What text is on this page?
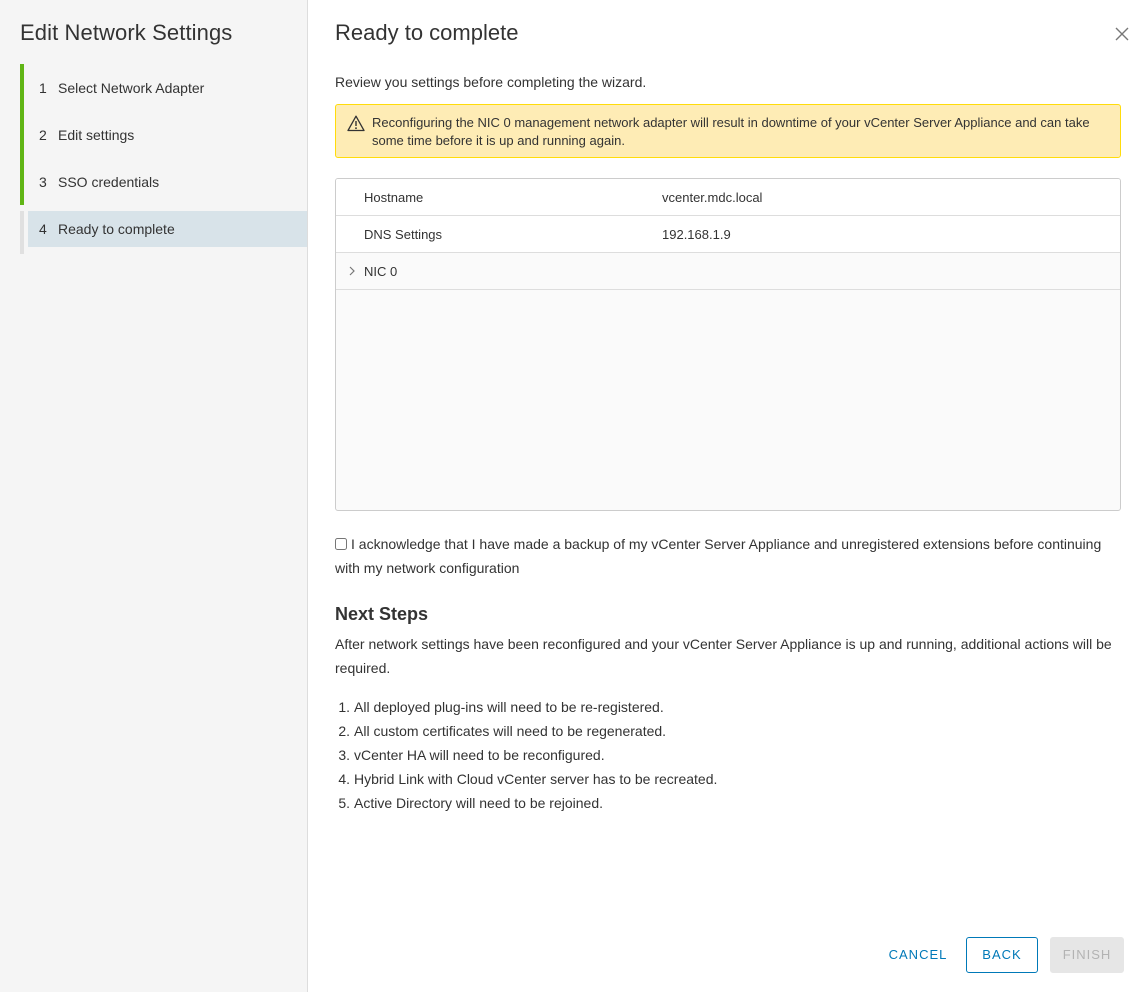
Edit Network Settings
1 Select Network Adapter
2 Edit settings
3 SSO credentials
4 Ready to complete
Ready to complete
Review you settings before completing the wizard.
Reconfiguring the NIC 0 management network adapter will result in downtime of your vCenter Server Appliance and can take some time before it is up and running again.
Hostname	vcenter.mdc.local
DNS Settings	192.168.1.9
NIC 0
I acknowledge that I have made a backup of my vCenter Server Appliance and unregistered extensions before continuing with my network configuration
Next Steps
After network settings have been reconfigured and your vCenter Server Appliance is up and running, additional actions will be required.
1. All deployed plug-ins will need to be re-registered.
2. All custom certificates will need to be regenerated.
3. vCenter HA will need to be reconfigured.
4. Hybrid Link with Cloud vCenter server has to be recreated.
5. Active Directory will need to be rejoined.
CANCEL	BACK	FINISH
